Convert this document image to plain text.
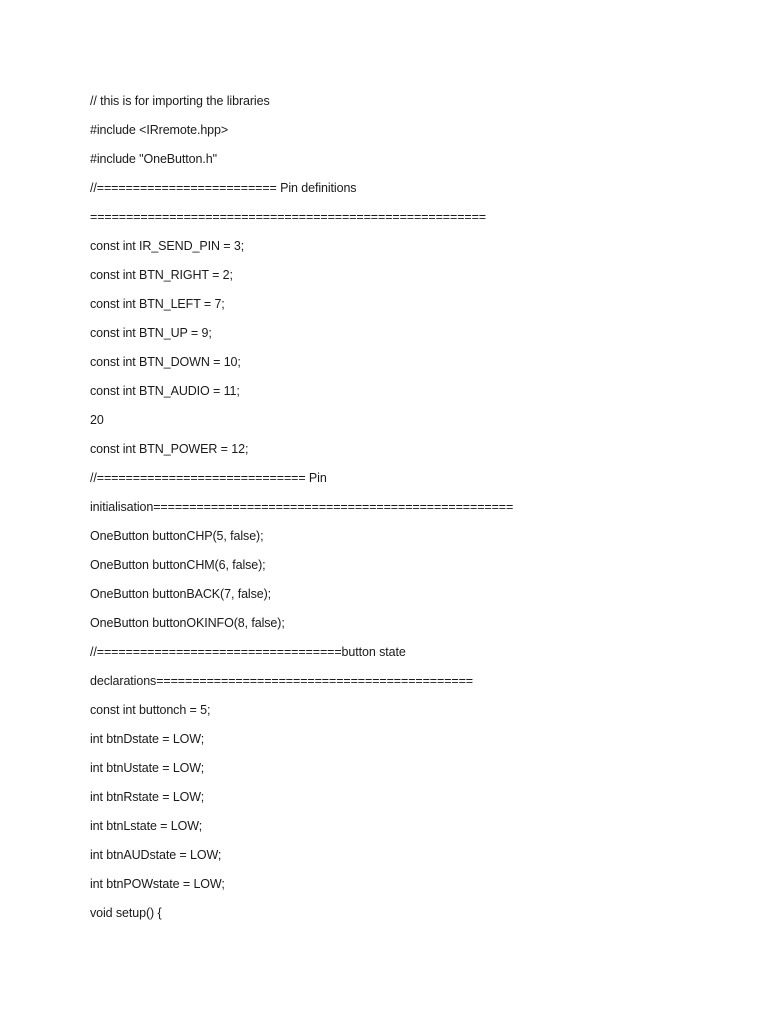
// this is for importing the libraries
#include <IRremote.hpp>
#include "OneButton.h"
//========================= Pin definitions
=======================================================
const int IR_SEND_PIN = 3;
const int BTN_RIGHT = 2;
const int BTN_LEFT = 7;
const int BTN_UP = 9;
const int BTN_DOWN = 10;
const int BTN_AUDIO = 11;
20
const int BTN_POWER = 12;
//============================= Pin
initialisation==================================================
OneButton buttonCHP(5, false);
OneButton buttonCHM(6, false);
OneButton buttonBACK(7, false);
OneButton buttonOKINFO(8, false);
//==================================button state
declarations============================================
const int buttonch = 5;
int btnDstate = LOW;
int btnUstate = LOW;
int btnRstate = LOW;
int btnLstate = LOW;
int btnAUDstate = LOW;
int btnPOWstate = LOW;
void setup() {
